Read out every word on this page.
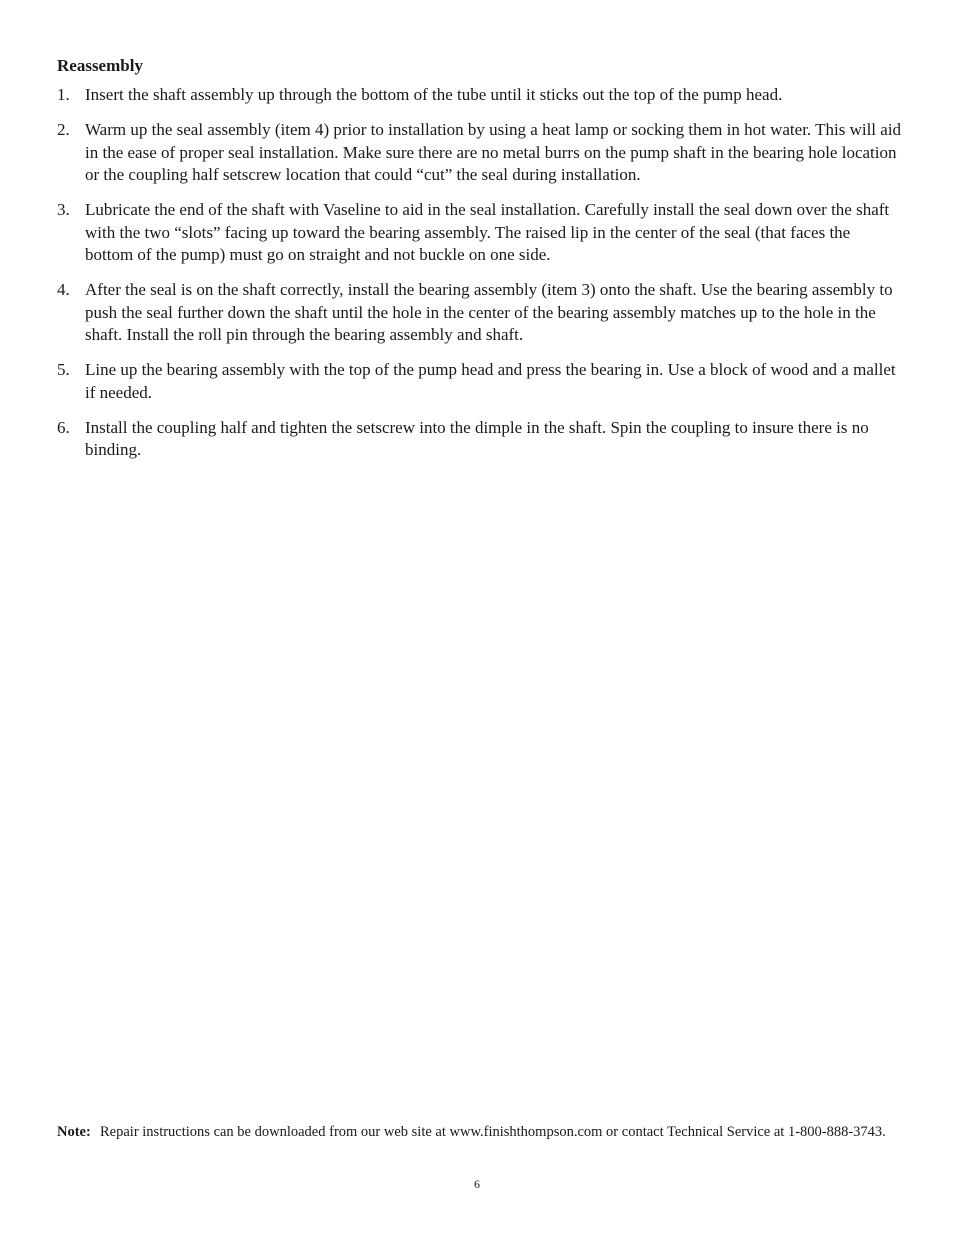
Reassembly
1. Insert the shaft assembly up through the bottom of the tube until it sticks out the top of the pump head.
2. Warm up the seal assembly (item 4) prior to installation by using a heat lamp or socking them in hot water. This will aid in the ease of proper seal installation. Make sure there are no metal burrs on the pump shaft in the bearing hole location or the coupling half setscrew location that could “cut” the seal during installation.
3. Lubricate the end of the shaft with Vaseline to aid in the seal installation. Carefully install the seal down over the shaft with the two “slots” facing up toward the bearing assembly. The raised lip in the center of the seal (that faces the bottom of the pump) must go on straight and not buckle on one side.
4. After the seal is on the shaft correctly, install the bearing assembly (item 3) onto the shaft. Use the bearing assembly to push the seal further down the shaft until the hole in the center of the bearing assembly matches up to the hole in the shaft. Install the roll pin through the bearing assembly and shaft.
5. Line up the bearing assembly with the top of the pump head and press the bearing in. Use a block of wood and a mallet if needed.
6. Install the coupling half and tighten the setscrew into the dimple in the shaft. Spin the coupling to insure there is no binding.
Note: Repair instructions can be downloaded from our web site at www.finishthompson.com or contact Technical Service at 1-800-888-3743.
6
